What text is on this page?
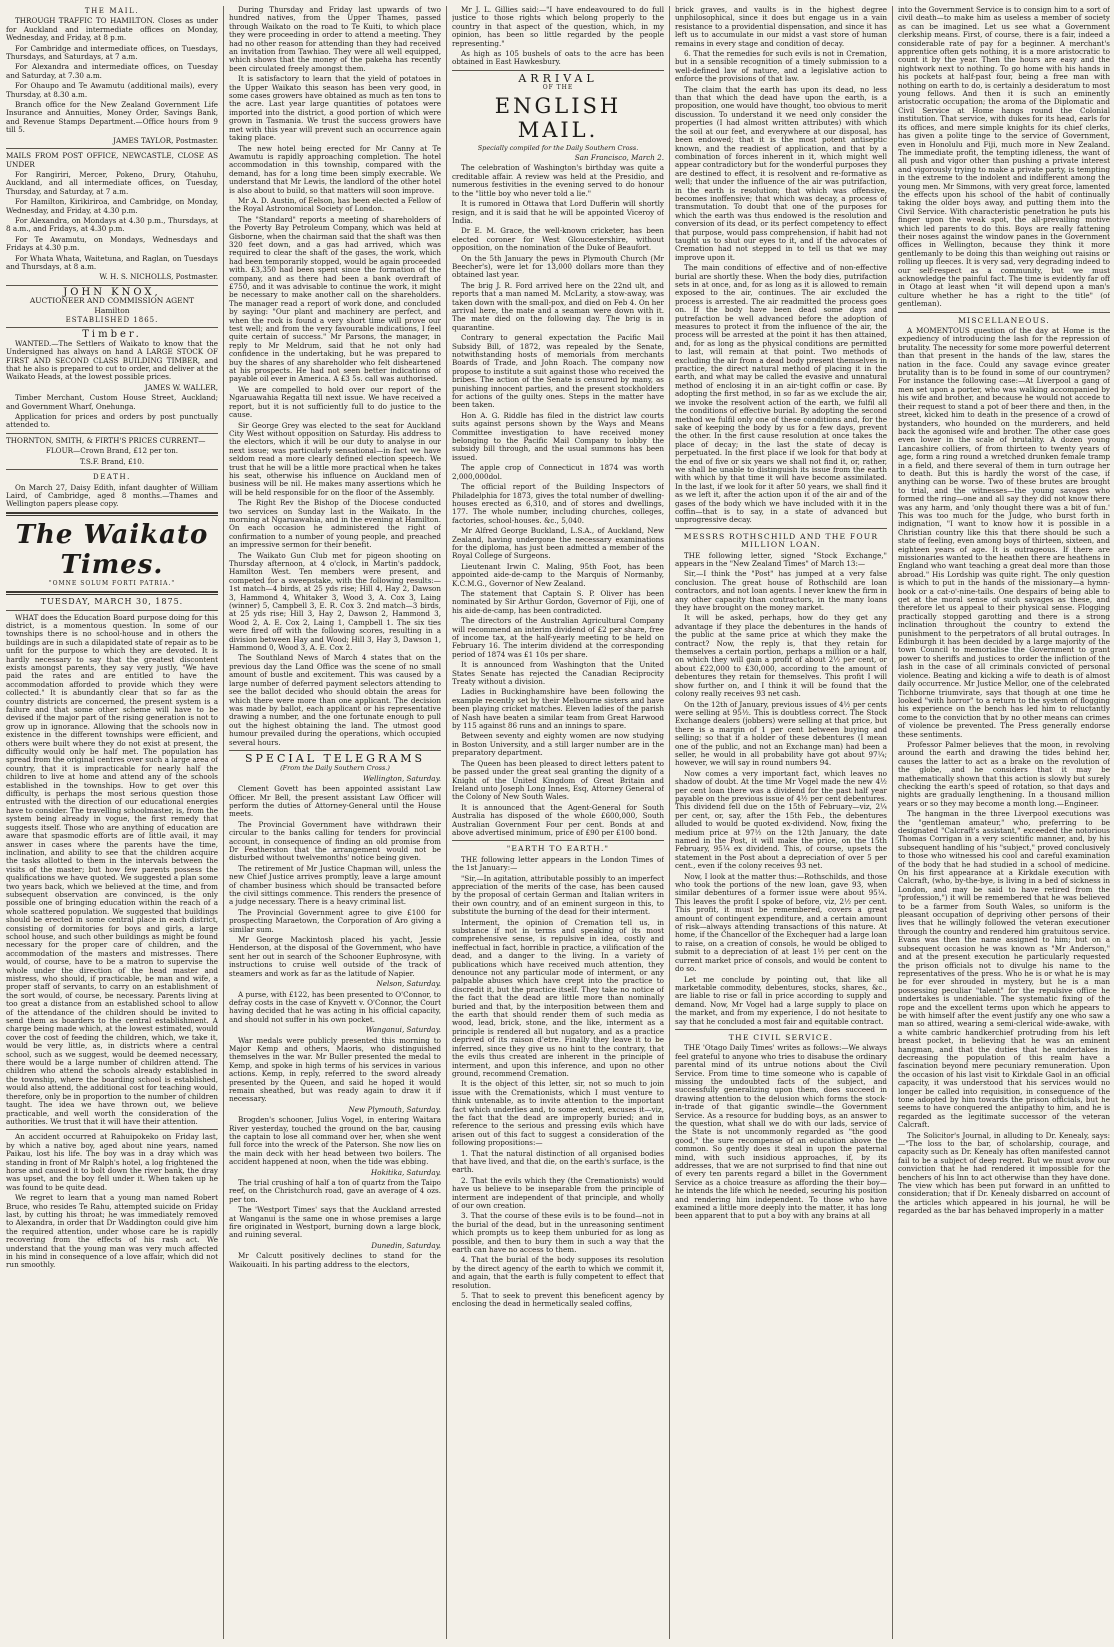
THE MAIL.

THROUGH TRAFFIC TO HAMILTON. Closes as under for Auckland and intermediate offices on Monday, Wednesday, and Friday, at 8 p.m.

For Cambridge and intermediate offices, on Tuesdays, Thursdays, and Saturdays, at 7 a.m.

For Alexandra and intermediate offices, on Tuesday and Saturday, at 7.30 a.m.

For Ohaupo and Te Awamutu (additional mails), every Thursday, at 8.30 a.m.

Branch office for the New Zealand Government Life Insurance and Annuities, Money Order, Savings Bank, and Revenue Stamps Department.—Office hours from 9 till 5.

JAMES TAYLOR, Postmaster.

MAILS FROM POST OFFICE, NEWCASTLE, CLOSE AS UNDER

For Rangiriri, Mercer, Pokeno, Drury, Otahuhu, Auckland, and all intermediate offices, on Tuesday, Thursday, and Saturday, at 7 a.m.

For Hamilton, Kirikiriroa, and Cambridge, on Monday, Wednesday, and Friday, at 4.30 p.m.

For Alexandra, on Mondays at 4.30 p.m., Thursdays, at 8 a.m., and Fridays, at 4.30 p.m.

For Te Awamutu, on Mondays, Wednesdays and Fridays at 4.30 p.m.

For Whata Whata, Waitetuna, and Raglan, on Tuesdays and Thursdays, at 8 a.m.

W. H. S. NICHOLLS, Postmaster.

JOHN KNOX,
AUCTIONEER AND COMMISSION AGENT
Hamilton
ESTABLISHED 1865.
Timber.

WANTED.—The Settlers of Waikato to know that the Undersigned has always on hand A LARGE STOCK OF FIRST AND SECOND CLASS BUILDING TIMBER, and that he also is prepared to cut to order, and deliver at the Waikato Heads, at the lowest possible prices.

JAMES W. WALLER,

Timber Merchant, Custom House Street, Auckland; and Government Wharf, Onehunga.

Application for prices and orders by post punctually attended to.

THORNTON, SMITH, & FIRTH'S PRICES CURRENT—

FLOUR—Crown Brand, £12 per ton.

T.S.F. Brand, £10.

DEATH.

On March 27, Daisy Edith, infant daughter of William Laird, of Cambridge, aged 8 months.—Thames and Wellington papers please copy.

The Waikato Times.
"OMNE SOLUM FORTI PATRIA."
TUESDAY, MARCH 30, 1875.

WHAT does the Education Board purpose doing for this district, is a momentous question. In some of our townships there is no school-house and in others the buildings are in such a dilapidated state of repair as to be unfit for the purpose to which they are devoted. It is hardly necessary to say that the greatest discontent exists amongst parents, they say very justly, "We have paid the rates and are entitled to have the accommodation afforded to provide which they were collected." It is abundantly clear that so far as the country districts are concerned, the present system is a failure and that some other scheme will have to be devised if the major part of the rising generation is not to grow up in ignorance. Allowing that the schools now in existence in the different townships were efficient, and others were built where they do not exist at present, the difficulty would only be half met. The population has spread from the original centres over such a large area of country, that it is impracticable for nearly half the children to live at home and attend any of the schools established in the townships. How to get over this difficulty, is perhaps the most serious question those entrusted with the direction of our educational energies have to consider. The travelling schoolmaster, is, from the system being already in vogue, the first remedy that suggests itself. Those who are anything of education are aware that spasmodic efforts are of little avail, it may answer in cases where the parents have the time, inclination, and ability to see that the children acquire the tasks allotted to them in the intervals between the visits of the master; but how few parents possess the qualifications we have quoted. We suggested a plan some two years back, which we believed at the time, and from subsequent observation are convinced, is the only possible one of bringing education within the reach of a whole scattered population. We suggested that buildings should be erected in some central place in each district, consisting of dormitories for boys and girls, a large school house, and such other buildings as might be found necessary for the proper care of children, and the accommodation of the masters and mistresses. There would, of course, have to be a matron to supervise the whole under the direction of the head master and mistress, who should, if practicable, be man and wife, a proper staff of servants, to carry on an establishment of the sort would, of course, be necessary. Parents living at too great a distance from an established school to allow of the attendance of the children should be invited to send them as boarders to the central establishment. A charge being made which, at the lowest estimated, would cover the cost of feeding the children, which, we take it, would be very little, as, in districts where a central school, such as we suggest, would be deemed necessary, there would be a large number of children attend. The children who attend the schools already established in the township, where the boarding school is established, would also attend, the additional cost for teaching would, therefore, only be in proportion to the number of children taught. The idea we have thrown out, we believe practicable, and well worth the consideration of the authorities. We trust that it will have their attention.

An accident occurred at Rahuipokeko on Friday last, by which a native boy, aged about nine years, named Paikau, lost his life. The boy was in a dray which was standing in front of Mr Ralph's hotel, a log frightened the horse and caused it to bolt down the river bank, the dray was upset, and the boy fell under it. When taken up he was found to be quite dead.

We regret to learn that a young man named Robert Bruce, who resides Te Rahu, attempted suicide on Friday last, by cutting his throat; he was immediately removed to Alexandra, in order that Dr Waddington could give him the required attention, under whose care he is rapidly recovering from the effects of his rash act. We understand that the young man was very much affected in his mind in consequence of a love affair, which did not run smoothly.

During Thursday and Friday last upwards of two hundred natives, from the Upper Thames, passed through Waikato on the road to Te Kuiti, to which place they were proceeding in order to attend a meeting. They had no other reason for attending than they had received an invitation from Tawhiao. They were all well equipped, which shows that the money of the pakeha has recently been circulated freely amongst them.

It is satisfactory to learn that the yield of potatoes in the Upper Waikato this season has been very good, in some cases growers have obtained as much as ten tons to the acre. Last year large quantities of potatoes were imported into the district, a good portion of which were grown in Tasmania. We trust the success growers have met with this year will prevent such an occurrence again taking place.

The new hotel being erected for Mr Canny at Te Awamutu is rapidly approaching completion. The hotel accommodation in this township, compared with the demand, has for a long time been simply execrable. We understand that Mr Lewis, the landlord of the other hotel is also about to build, so that matters will soon improve.

Mr A. D. Austin, of Eelson, has been elected a Fellow of the Royal Astronomical Society of London.

The "Standard" reports a meeting of shareholders of the Poverty Bay Petroleum Company, which was held at Gisborne, when the chairman said that the shaft was then 320 feet down, and a gas had arrived, which was required to clear the shaft of the gases, the work, which had been temporarily stopped, would be again proceeded with. £3,350 had been spent since the formation of the company, and as there had been a bank overdraft of £750, and it was advisable to continue the work, it might be necessary to make another call on the shareholders. The manager read a report of work done, and concluded by saying: "Our plant and machinery are perfect, and when the rock is found a very short time will prove our test well; and from the very favourable indications, I feel quite certain of success." Mr Parsons, the manager, in reply to Mr Meldrum, said that he not only had confidence in the undertaking, but he was prepared to buy the shares of any shareholder who felt disheartened at his prospects. He had not seen better indications of payable oil ever in America. A £3 5s. call was authorised.

We are compelled to hold over our report of the Ngaruawahia Regatta till next issue. We have received a report, but it is not sufficiently full to do justice to the cause.

Sir George Grey was elected to the seat for Auckland City West without opposition on Saturday. His address to the electors, which it will be our duty to analyse in our next issue; was particularly sensational—in fact we have seldom read a more clearly defined election speech. We trust that he will be a little more practical when he takes his seat, otherwise his influence on Auckland men of business will be nil. He makes many assertions which he will be held responsible for on the floor of the Assembly.

The Right Rev the Bishop of the Diocese conducted two services on Sunday last in the Waikato. In the morning at Ngaruawahia, and in the evening at Hamilton. On each occasion he administered the right of confirmation to a number of young people, and preached an impressive sermon for their benefit.

The Waikato Gun Club met for pigeon shooting on Thursday afternoon, at 4 o'clock, in Martin's paddock, Hamilton West. Ten members were present, and competed for a sweepstake, with the following results:—1st match—4 birds, at 25 yds rise; Hill 4, Hay 2, Dawson 3, Hammond 4, Whitaker 3, Wood 3, A. Cox 3, Laing (winner) 5, Campbell 3, E. R. Cox 3. 2nd match—3 birds, at 25 yds rise; Hill 3, Hay 2, Dawson 2, Hammond 3, Wood 2, A. E. Cox 2, Laing 1, Campbell 1. The six ties were fired off with the following scores, resulting in a division between Hay and Wood; Hill 3, Hay 3, Dawson 1, Hammond 0, Wood 3, A. E. Cox 2.

The Southland News of March 4 states that on the previous day the Land Office was the scene of no small amount of bustle and excitement. This was caused by a large number of deferred payment selectors attending to see the ballot decided who should obtain the areas for which there were more than one applicant. The decision was made by ballot, each applicant or his representative drawing a number, and the one fortunate enough to pull out the highest obtaining the land. The utmost good humour prevailed during the operations, which occupied several hours.

SPECIAL TELEGRAMS
(From the Daily Southern Cross.)

Wellington, Saturday.

Clement Govett has been appointed assistant Law Officer. Mr Bell, the present assistant Law Officer will perform the duties of Attorney-General until the House meets.

The Provincial Government have withdrawn their circular to the banks calling for tenders for provincial account, in consequence of finding an old promise from Dr Featherston that the arrangement would not be disturbed without twelvemonths' notice being given.

The retirement of Mr Justice Chapman will, unless the new Chief Justice arrives promptly, leave a large amount of chamber business which should be transacted before the civil sittings commence. This renders the presence of a judge necessary. There is a heavy criminal list.

The Provincial Government agree to give £100 for prospecting Maraetown, the Corporation of Aro giving a similar sum.

Mr George Mackintosh placed his yacht, Jessie Henderson, at the disposal of the Government, who have sent her out in search of the Schooner Euphrosyne, with instructions to cruise well outside of the track of steamers and work as far as the latitude of Napier.

Nelson, Saturday.

A purse, with £122, has been presented to O'Connor, to defray costs in the case of Knyvett v. O'Connor, the Court having decided that he was acting in his official capacity, and should not suffer in his own pocket.

Wanganui, Saturday.

War medals were publicly presented this morning to Major Kemp and others, Maoris, who distinguished themselves in the war. Mr Buller presented the medal to Kemp, and spoke in high terms of his services in various actions. Kemp, in reply, referred to the sword already presented by the Queen, and said he hoped it would remain sheathed, but was ready again to draw it if necessary.

New Plymouth, Saturday.

Brogden's schooner, Julius Vogel, in entering Waitara River yesterday, touched the ground on the bar, causing the captain to lose all command over her, when she went full force into the wreck of the Paterson. She now lies on the main deck with her head between two boilers. The accident happened at noon, when the tide was ebbing.

Hokitika, Saturday.

The trial crushing of half a ton of quartz from the Taipo reef, on the Christchurch road, gave an average of 4 ozs. per ton.

The 'Westport Times' says that the Auckland arrested at Wanganui is the same one in whose premises a large fire originated in Westport, burning down a large block, and ruining several.

Dunedin, Saturday.

Mr Calcutt positively declines to stand for the Waikouaiti. In his parting address to the electors,

Mr J. L. Gillies said:—"I have endeavoured to do full justice to those rights which belong properly to the country in that aspect of the question, which, in my opinion, has been so little regarded by the people representing."

As high as 105 bushels of oats to the acre has been obtained in East Hawkesbury.

ARRIVAL
OF THE
ENGLISH MAIL.
Specially compiled for the Daily Southern Cross.

San Francisco, March 2.

The celebration of Washington's birthday was quite a creditable affair. A review was held at the Presidio, and numerous festivities in the evening served to do honour to the "little boy who never told a lie."

It is rumored in Ottawa that Lord Dufferin will shortly resign, and it is said that he will be appointed Viceroy of India.

Dr E. M. Grace, the well-known cricketer, has been elected coroner for West Gloucestershire, without opposition, on the nomination of the Duke of Beaufort.

On the 5th January the pews in Plymouth Church (Mr Beecher's), were let for 13,000 dollars more than they obtained last year.

The brig J. R. Ford arrived here on the 22nd ult, and reports that a man named M. McLarity, a stow-away, was taken down with the small-pox, and died on Feb 4. On her arrival here, the mate and a seaman were down with it. The mate died on the following day. The brig is in quarantine.

Contrary to general expectation the Pacific Mail Subsidy Bill, of 1872, was repealed by the Senate, notwithstanding hosts of memorials from merchants Boards of Trade, and John Roach. The company now propose to institute a suit against those who received the bribes. The action of the Senate is censured by many, as punishing innocent parties, and the present stockholders for actions of the guilty ones. Steps in the matter have been taken.

Hon A. G. Riddle has filed in the district law courts suits against persons shown by the Ways and Means Committee investigation to have received money belonging to the Pacific Mail Company to lobby the subsidy bill through, and the usual summons has been issued.

The apple crop of Connecticut in 1874 was worth 2,000,000dol.

The official report of the Building Inspectors of Philadelphia for 1873, gives the total number of dwelling-houses erected as 6,310, and of stores and dwellings, 177. The whole number, including churches, colleges, factories, school-houses. &c., 5,040.

Mr Alfred George Buckland, L.S.A., of Auckland, New Zealand, having undergone the necessary examinations for the diploma, has just been admitted a member of the Royal College of Surgeons.

Lieutenant Irwin C. Maling, 95th Foot, has been appointed aide-de-camp to the Marquis of Normanby, K.C.M.G., Governor of New Zealand.

The statement that Captain S. P. Oliver has been nominated by Sir Arthur Gordon, Governor of Fiji, one of his aide-de-camp, has been contradicted.

The directors of the Australian Agricultural Company will recommend an interim dividend of £2 per share, free of income tax, at the half-yearly meeting to be held on February 16. The interim dividend at the corresponding period of 1874 was £1 10s per share.

It is announced from Washington that the United States Senate has rejected the Canadian Reciprocity Treaty without a division.

Ladies in Buckinghamshire have been following the example recently set by their Melbourne sisters and have been playing cricket matches. Eleven ladies of the parish of Nash have beaten a similar team from Great Harwood by 115 against 86 runs and an innings to spare.

Between seventy and eighty women are now studying in Boston University, and a still larger number are in the preparatory department.

The Queen has been pleased to direct letters patent to be passed under the great seal granting the dignity of a Knight of the United Kingdom of Great Britain and Ireland unto Joseph Long Innes, Esq, Attorney General of the Colony of New South Wales.

It is announced that the Agent-General for South Australia has disposed of the whole £600,000, South Australian Government Four per cent. Bonds at and above advertised minimum, price of £90 per £100 bond.

"EARTH TO EARTH."

THE following letter appears in the London Times of the 1st January:—

"Sir,—In agitation, attributable possibly to an imperfect appreciation of the merits of the case, has been caused by the proposal of certain German and Italian writers in their own country, and of an eminent surgeon in this, to substitute the burning of the dead for their interment.

Interment, the opinion of Cremation tell us, in substance if not in terms and speaking of its most comprehensive sense, is repulsive in idea, costly and ineffectual in fact, horrible in practice, a vilification of the dead, and a danger to the living. In a variety of publications which have received much attention, they denounce not any particular mode of interment, or any palpable abuses which have crept into the practice to discredit it, but the practice itself. They take no notice of the fact that the dead are little more than nominally buried and that, by the interposition between them and the earth that should render them of such media as wood, lead, brick, stone, and the like, interment as a principle is rendered all but nugatory, and as a practice deprived of its raison d'etre. Finally they leave it to be inferred, since they give us no hint to the contrary, that the evils thus created are inherent in the principle of interment, and upon this inference, and upon no other ground, recommend Cremation.

It is the object of this letter, sir, not so much to join issue with the Cremationists, which I must venture to think untenable, as to invite attention to the important fact which underlies and, to some extent, excuses it—viz, the fact that the dead are improperly buried; and in reference to the serious and pressing evils which have arisen out of this fact to suggest a consideration of the following propositions:—

1. That the natural distinction of all organised bodies that have lived, and that die, on the earth's surface, is the earth.

2. That the evils which they (the Cremationists) would have us believe to be inseparable from the principle of interment are independent of that principle, and wholly of our own creation.

3. That the course of these evils is to be found—not in the burial of the dead, but in the unreasoning sentiment which prompts us to keep them unburied for as long as possible, and then to bury them in such a way that the earth can have no access to them.

4. That the burial of the body supposes its resolution by the direct agency of the earth to which we commit it, and again, that the earth is fully competent to effect that resolution.

5. That to seek to prevent this beneficent agency by enclosing the dead in hermetically sealed coffins,

brick graves, and vaults is in the highest degree unphilosophical, since it does but engage us in a vain resistance to a providential dispensation, and since it has left us to accumulate in our midst a vast store of human remains in every stage and condition of decay.

6. That the remedies for such evils is not in Cremation, but in a sensible recognition of a timely submission to a well-defined law of nature, and a legislative action to enforce the provisions of that law.

The claim that the earth has upon its dead, no less than that which the dead have upon the earth, is a proposition, one would have thought, too obvious to merit discussion. To understand it we need only consider the properties (I had almost written attributes) with which the soil at our feet, and everywhere at our disposal, has been endowed; that it is the most potent antiseptic known, and the readiest of application, and that by a combination of forces inherent in it, which might well appear contradictory but for the wonderful purposes they are destined to effect, it is resolvent and re-formative as well; that under the influence of the air was putrifaction, in the earth is resolution; that which was offensive, becomes inoffensive; that which was decay, a process of transmutation. To doubt that one of the purposes for which the earth was thus endowed is the resolution and conversion of its dead, or its perfect competency to effect that purpose, would pass comprehension, if habit had not taught us to shut our eyes to it, and if the advocates of Cremation had not stepped in to tell us that we may improve upon it.

The main conditions of effective and of non-effective burial are shortly these. When the body dies, putrifaction sets in at once, and, for as long as it is allowed to remain exposed to the air, continues. The air excluded the process is arrested. The air readmitted the process goes on. If the body have been dead some days and putrefaction be well advanced before the adoption of measures to protect it from the influence of the air, the process will be arrested at the point it has then attained, and, for as long as the physical conditions are permitted to last, will remain at that point. Two methods of excluding the air from a dead body present themselves in practice, the direct natural method of placing it in the earth, and what may be called the evasive and unnatural method of enclosing it in an air-tight coffin or case. By adopting the first method, in so far as we exclude the air, we invoke the resolvent action of the earth, we fulfil all the conditions of effective burial. By adopting the second method we fulfil only one of these conditions and, for the sake of keeping the body by us for a few days, prevent the other. In the first cause resolution at once takes the place of decay; in the last the state of decay is perpetuated. In the first place if we look for that body at the end of five or six years we shall not find it, or, rather, we shall be unable to distinguish its issue from the earth with which by that time it will have become assimilated. In the last, if we look for it after 50 years, we shall find it as we left it, after the action upon it of the air and of the gases of the body which we have included with it in the coffin—that is to say, in a state of advanced but unprogressive decay.

MESSRS ROTHSCHILD AND THE FOUR MILLION LOAN.

THE following letter, signed "Stock Exchange," appears in the "New Zealand Times" of March 13:—

Sir,—I think the "Post" has jumped at a very false conclusion. The great house of Rothschild are loan contractors, and not loan agents. I never knew the firm in any other capacity than contractors, in the many loans they have brought on the money market.

It will be asked, perhaps, how do they get any advantage if they place the debentures in the hands of the public at the same price at which they make the contract? Now, the reply is, that they retain for themselves a certain portion, perhaps a million or a half, on which they will gain a profit of about 2½ per cent, or about £22,000 to £30,000, according to the amount of debentures they retain for themselves. This profit I will show further on, and I think it will be found that the colony really receives 93 net cash.

On the 12th of January, previous issues of 4½ per cents were selling at 95½. This is doubtless correct. The Stock Exchange dealers (jobbers) were selling at that price, but there is a margin of 1 per cent between buying and selling; so that if a holder of these debentures (I mean one of the public, and not an Exchange man) had been a seller, he would in all probability have got about 97¼; however, we will say in round numbers 94.

Now comes a very important fact, which leaves no shadow of doubt. At the time Mr Vogel made the new 4½ per cent loan there was a dividend for the past half year payable on the previous issue of 4½ per cent debentures. This dividend fell due on the 15th of February—viz, 2¼ per cent, or, say, after the 15th Feb., the debentures alluded to would be quoted ex-dividend. Now, fixing the medium price at 97½ on the 12th January, the date named in the Post, it will make the price, on the 15th February, 95¼ ex dividend. This, of course, upsets the statement in the Post about a depreciation of over 5 per cent., even if the colony receives 93 net.

Now, I look at the matter thus:—Rothschilds, and those who took the portions of the new loan, gave 93, when similar debentures of a former issue were about 95¼. This leaves the profit I spoke of before, viz, 2½ per cent. This profit, it must be remembered, covers a great amount of contingent expenditure, and a certain amount of risk—always attending transactions of this nature. At home, if the Chancellor of the Exchequer had a large loan to raise, on a creation of consols, he would be obliged to submit to a depreciation of at least 1½ per cent on the current market price of consols, and would be content to do so.

Let me conclude by pointing out, that like all marketable commodity, debentures, stocks, shares, &c., are liable to rise or fall in price according to supply and demand. Now, Mr Vogel had a large supply to place on the market, and from my experience, I do not hesitate to say that he concluded a most fair and equitable contract.

THE CIVIL SERVICE.

THE 'Otago Daily Times' writes as follows:—We always feel grateful to anyone who tries to disabuse the ordinary parental mind of its untrue notions about the Civil Service. From time to time someone who is capable of missing the undoubted facts of the subject, and successfully generalizing upon them, does succeed in drawing attention to the delusion which forms the stock-in-trade of that gigantic swindle—the Government Service. As a resource for budding boys, as an answer to the question, what shall we do with our lads, service of the State is not uncommonly regarded as "the good good," the sure recompense of an education above the common. So gently does it steal in upon the paternal mind, with such insidious approaches, if, by its addresses, that we are not surprised to find that nine out of every ten parents regard a billet in the Government Service as a choice treasure as affording the their boy—he intends the life which he needed, securing his position and rendering him independent. To those who have examined a little more deeply into the matter, it has long been apparent that to put a boy with any brains at all

into the Government Service is to consign him to a sort of civil death—to make him as useless a member of society as can be imagined. Let us see what a Government clerkship means. First, of course, there is a fair, indeed a considerable rate of pay for a beginner. A merchant's apprentice often gets nothing, it is a more aristocratic to count it by the year. Then the hours are easy and the nightwork next to nothing. To go home with his hands in his pockets at half-past four, being a free man with nothing on earth to do, is certainly a desideratum to most young fellows. And then it is such an eminently aristocratic occupation; the aroma of the Diplomatic and Civil Service at Home hangs round the Colonial institution. That service, with dukes for its head, earls for its offices, and mere simple knights for its chief clerks, has given a polite tinge to the service of Government, even in Honolulu and Fiji, much more in New Zealand. The immediate profit, the tempting idleness, the want of all push and vigor other than pushing a private interest and vigorously trying to make a private party, is tempting in the extreme to the indolent and indifferent among the young men. Mr Simmons, with very great force, lamented the effects upon his school of the habit of continually taking the older boys away, and putting them into the Civil Service. With characteristic penetration he puts his finger upon the weak spot, the all-prevailing motive which led parents to do this. Boys are really fattening their noses against the window panes in the Government offices in Wellington, because they think it more gentlemanly to be doing this than weighing out raisins or rolling up fleeces. It is very sad, very degrading indeed to our self-respect as a community, but we must acknowledge the painful fact. The time is evidently far off in Otago at least when "it will depend upon a man's culture whether he has a right to the title" (of gentleman).

MISCELLANEOUS.

A MOMENTOUS question of the day at Home is the expediency of introducing the lash for the repression of brutality. The necessity for some more powerful deterrent than that present in the hands of the law, stares the nation in the face. Could any savage evince greater brutality than is to be found in some of our countrymen? For instance the following case:—At Liverpool a gang of men set upon a porter, who was walking accompanied by his wife and brother, and because he would not accede to their request to stand a pot of beer there and then, in the street, kicked him to death in the presence of a crowd of bystanders, who hounded on the murderers, and held back the agonised wife and brother. The other case goes even lower in the scale of brutality. A dozen young Lancashire colliers, of from thirteen to twenty years of age, form a ring round a wretched drunken female tramp in a field, and there several of them in turn outrage her to death. But this is hardly the worst of the case, if anything can be worse. Two of these brutes are brought to trial, and the witnesses—the young savages who formed the ring—one and all say they did not know there was any harm, and 'only thought there was a bit of fun.' This was too much for the Judge, who burst forth in indignation, "I want to know how it is possible in a Christian country like this that there should be such a state of feeling, even among boys of thirteen, sixteen, and eighteen years of age. It is outrageous. If there are missionaries wanted to the heathen there are heathens in England who want teaching a great deal more than those abroad." His Lordship was quite right. The only question is which to put in the hands of the missionary—a hymn-book or a cat-o'-nine-tails. One despairs of being able to get at the moral sense of such savages as these, and therefore let us appeal to their physical sense. Flogging practically stopped garotting and there is a strong inclination throughout the country to extend the punishment to the perpetrators of all brutal outrages. In Edinburgh it has been decided by a large majority of the town Council to memorialise the Government to grant power to sheriffs and justices to order the infliction of the lash in the case of all criminals convicted of personal violence. Beating and kicking a wife to death is of almost daily occurrence. Mr Justice Mellor, one of the celebrated Tichborne triumvirate, says that though at one time he looked "with horror" to a return to the system of flogging his experience on the bench has led him to reluctantly come to the conviction that by no other means can crimes of violence be prevented. The Press generally endorse these sentiments.

Professor Palmer believes that the moon, in revolving around the earth and drawing the tides behind her, causes the latter to act as a brake on the revolution of the globe, and he considers that it may be mathematically shown that this action is slowly but surely checking the earth's speed of rotation, so that days and nights are gradually lengthening. In a thousand million years or so they may become a month long.—Engineer.

The hangman in the three Liverpool executions was the "gentleman amateur," who, preferring to be designated "Calcraft's assistant," exceeded the notorious Thomas Corrigan in a very scientific manner, and, by his subsequent handling of his "subject," proved conclusively to those who witnessed his cool and careful examination of the body that he had studied in a school of medicine. On his first appearance at a Kirkdale execution with Calcraft, (who, by-the-bye, is living in a bed of sickness in London, and may be said to have retired from the "profession,") it will be remembered that he was believed to be a farmer from South Wales, so uniform is the pleasant occupation of depriving other persons of their lives that he willingly followed the veteran executioner through the country and rendered him gratuitous service. Evans was then the name assigned to him; but on a subsequent occasion he was known as "Mr Anderson," and at the present execution he particularly requested the prison officials not to divulge his name to the representatives of the press. Who he is or what he is may be for ever shrouded in mystery, but he is a man possessing peculiar "talent" for the repulsive office he undertakes is undeniable. The systematic fixing of the rope and the excellent terms upon which he appears to be with himself after the event justify any one who saw a man so attired, wearing a semi-clerical wide-awake, with a white cambric handkerchief protruding from his left breast pocket, in believing that he was an eminent hangman, and that the duties that he undertakes in decreasing the population of this realm have a fascination beyond mere pecuniary remuneration. Upon the occasion of his last visit to Kirkdale Gaol in an official capacity, it was understood that his services would no longer be called into requisition, in consequence of the tone adopted by him towards the prison officials, but he seems to have conquered the antipathy to him, and he is regarded as the legitimate successor of the veteran Calcraft.

The Solicitor's Journal, in alluding to Dr. Kenealy, says:—"The loss to the bar, of scholarship, courage, and capacity such as Dr. Kenealy has often manifested cannot fail to be a subject of deep regret. But we must avow our conviction that he had rendered it impossible for the benchers of his Inn to act otherwise than they have done. The view which has been put forward in an unfitted to consideration; that if Dr. Kenealy disbarred on account of the articles which appeared in his journal, he will be regarded as the bar has behaved improperly in a matter
